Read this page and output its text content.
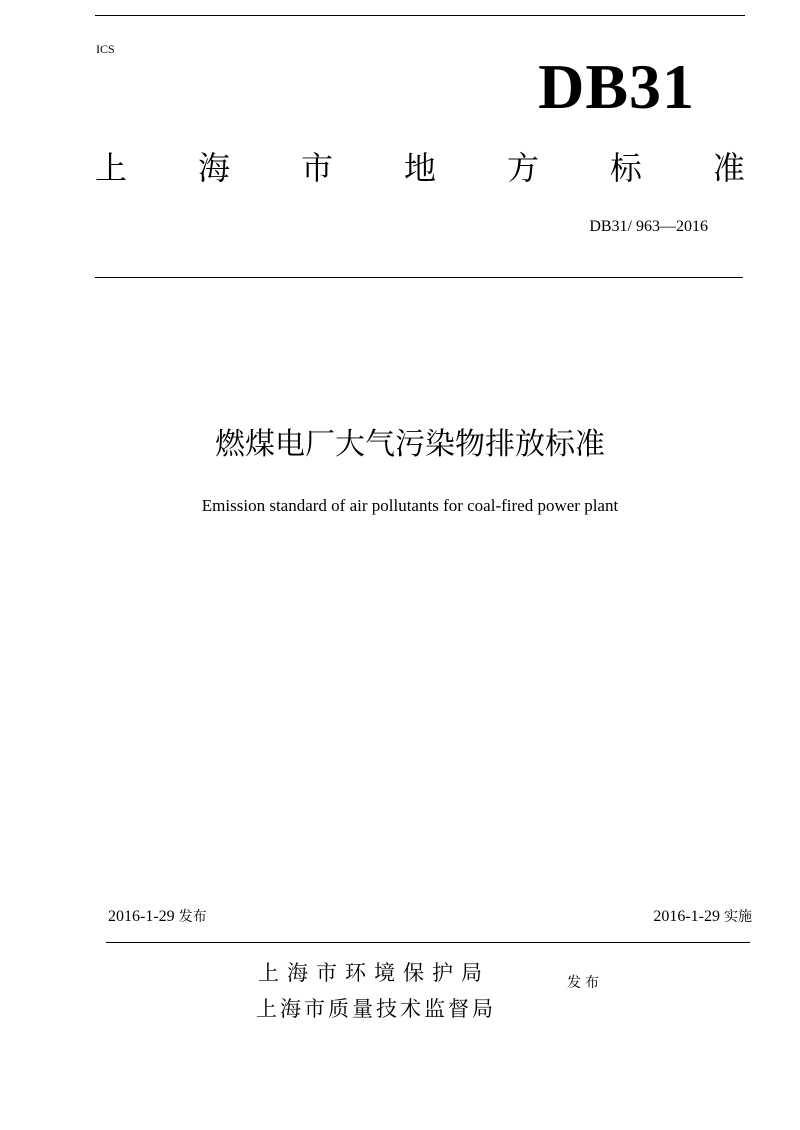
ICS
DB31
上 海 市 地 方 标 准
DB31/ 963—2016
燃煤电厂大气污染物排放标准
Emission standard of air pollutants for coal-fired power plant
2016-1-29 发布	2016-1-29 实施
上海市环境保护局
上海市质量技术监督局
发布
